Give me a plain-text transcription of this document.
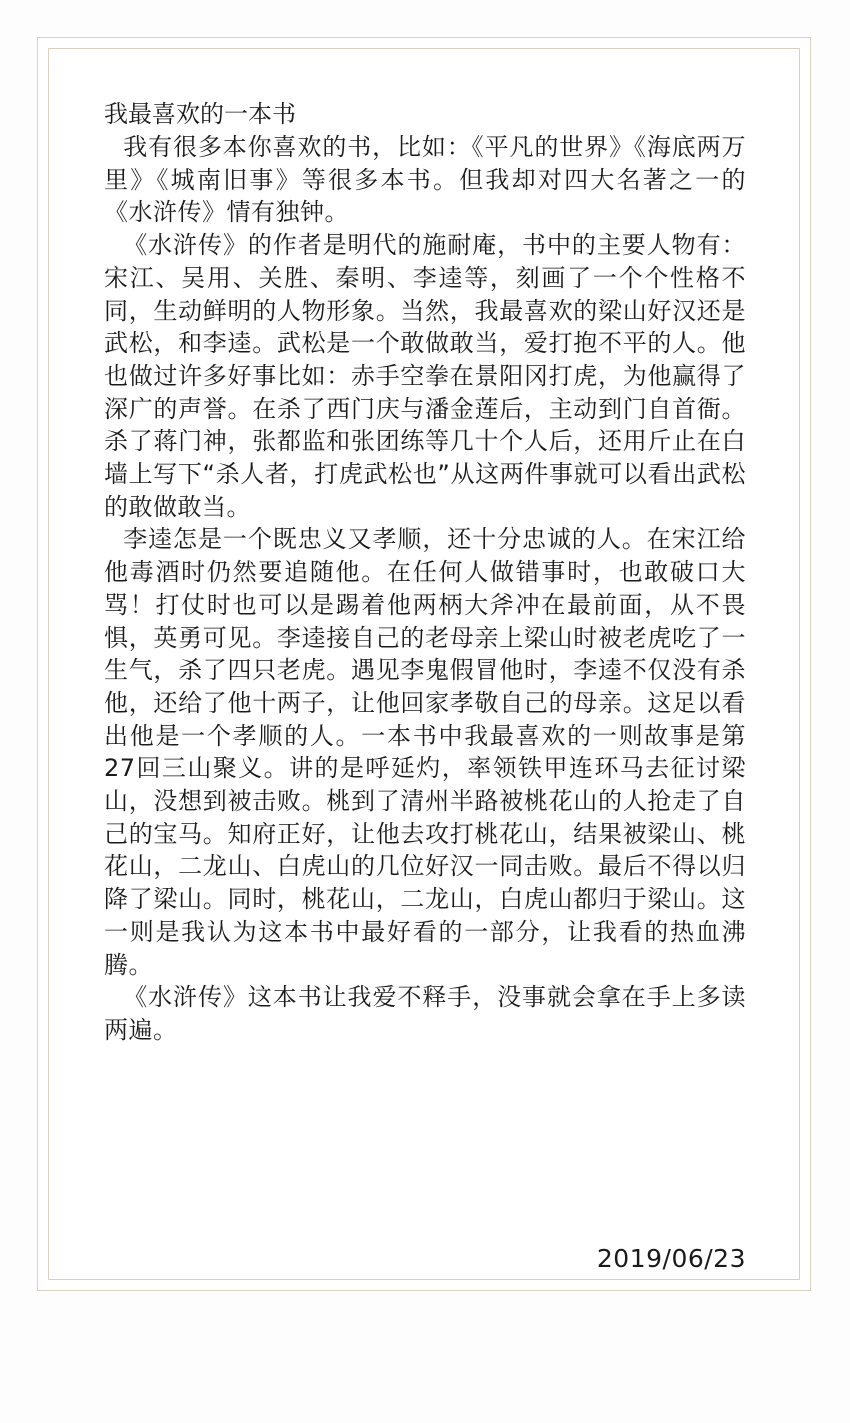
我最喜欢的一本书

我有很多本你喜欢的书，比如：《平凡的世界》《海底两万里》《城南旧事》等很多本书。但我却对四大名著之一的《水浒传》情有独钟。

《水浒传》的作者是明代的施耐庵，书中的主要人物有：宋江、吴用、关胜、秦明、李逵等，刻画了一个个性格不同，生动鲜明的人物形象。当然，我最喜欢的梁山好汉还是武松，和李逵。武松是一个敢做敢当，爱打抱不平的人。他也做过许多好事比如：赤手空拳在景阳冈打虎，为他赢得了深广的声誉。在杀了西门庆与潘金莲后，主动到门自首衙。杀了蒋门神，张都监和张团练等几十个人后，还用斤止在白墙上写下“杀人者，打虎武松也”从这两件事就可以看出武松的敢做敢当。

李逵怎是一个既忠义又孝顺，还十分忠诚的人。在宋江给他毒酒时仍然要追随他。在任何人做错事时，也敢破口大骂！打仗时也可以是踢着他两柄大斧冲在最前面，从不畏惧，英勇可见。李逵接自己的老母亲上梁山时被老虎吃了一生气，杀了四只老虎。遇见李鬼假冒他时，李逵不仅没有杀他，还给了他十两子，让他回家孝敬自己的母亲。这足以看出他是一个孝顺的人。一本书中我最喜欢的一则故事是第27回三山聚义。讲的是呼延灼，率领铁甲连环马去征讨梁山，没想到被击败。桃到了清州半路被桃花山的人抢走了自己的宝马。知府正好，让他去攻打桃花山，结果被梁山、桃花山，二龙山、白虎山的几位好汉一同击败。最后不得以归降了梁山。同时，桃花山，二龙山，白虎山都归于梁山。这一则是我认为这本书中最好看的一部分，让我看的热血沸腾。

《水浒传》这本书让我爱不释手，没事就会拿在手上多读两遍。

2019/06/23
